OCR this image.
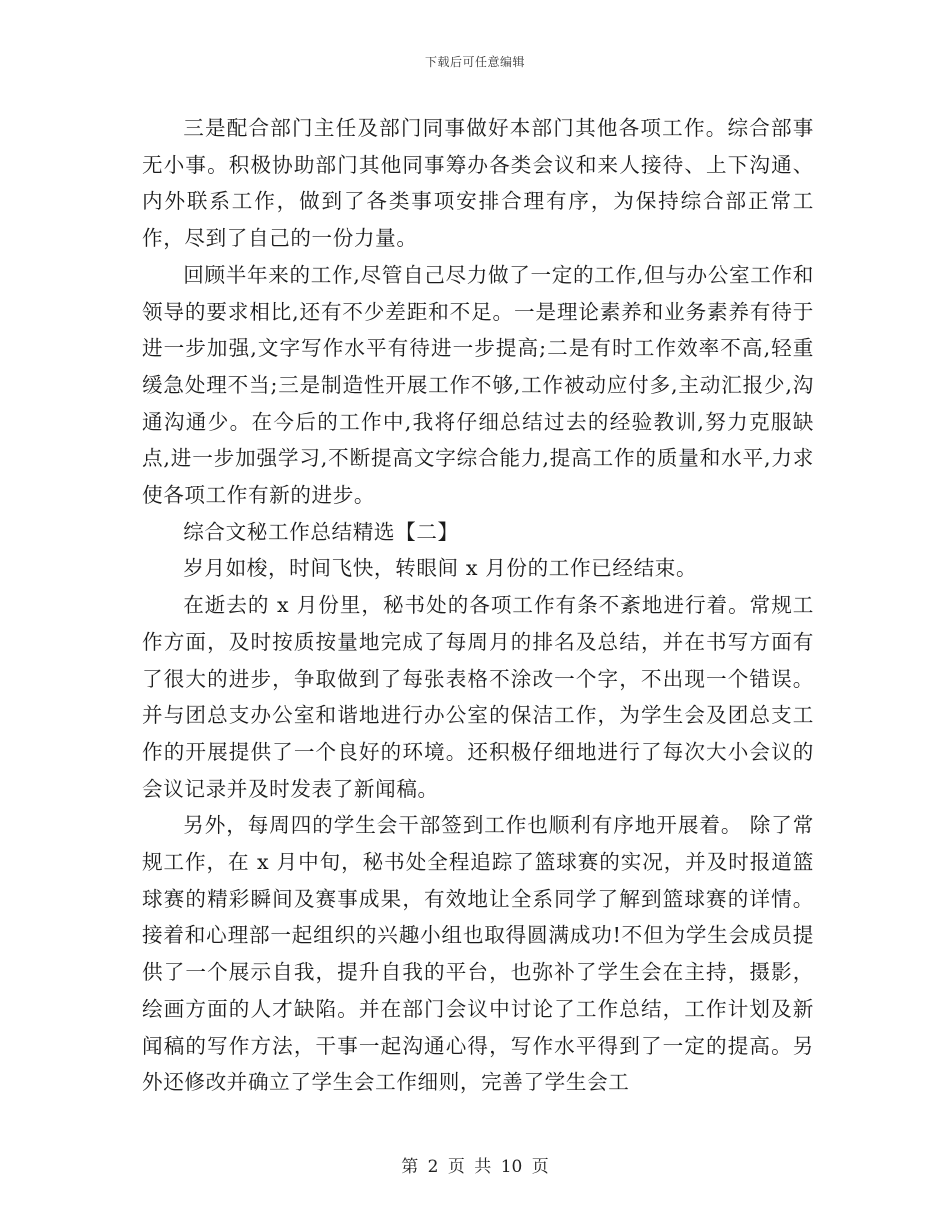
下载后可任意编辑

三是配合部门主任及部门同事做好本部门其他各项工作。综合部事无小事。积极协助部门其他同事筹办各类会议和来人接待、上下沟通、内外联系工作，做到了各类事项安排合理有序，为保持综合部正常工作，尽到了自己的一份力量。

回顾半年来的工作,尽管自己尽力做了一定的工作,但与办公室工作和领导的要求相比,还有不少差距和不足。一是理论素养和业务素养有待于进一步加强,文字写作水平有待进一步提高;二是有时工作效率不高,轻重缓急处理不当;三是制造性开展工作不够,工作被动应付多,主动汇报少,沟通沟通少。在今后的工作中,我将仔细总结过去的经验教训,努力克服缺点,进一步加强学习,不断提高文字综合能力,提高工作的质量和水平,力求使各项工作有新的进步。

综合文秘工作总结精选【二】

岁月如梭，时间飞快，转眼间 x 月份的工作已经结束。

在逝去的 x 月份里，秘书处的各项工作有条不紊地进行着。常规工作方面，及时按质按量地完成了每周月的排名及总结，并在书写方面有了很大的进步，争取做到了每张表格不涂改一个字，不出现一个错误。并与团总支办公室和谐地进行办公室的保洁工作，为学生会及团总支工作的开展提供了一个良好的环境。还积极仔细地进行了每次大小会议的会议记录并及时发表了新闻稿。

另外，每周四的学生会干部签到工作也顺利有序地开展着。 除了常规工作，在 x 月中旬，秘书处全程追踪了篮球赛的实况，并及时报道篮球赛的精彩瞬间及赛事成果，有效地让全系同学了解到篮球赛的详情。接着和心理部一起组织的兴趣小组也取得圆满成功!不但为学生会成员提供了一个展示自我，提升自我的平台，也弥补了学生会在主持，摄影，绘画方面的人才缺陷。并在部门会议中讨论了工作总结，工作计划及新闻稿的写作方法，干事一起沟通心得，写作水平得到了一定的提高。另外还修改并确立了学生会工作细则，完善了学生会工

第 2 页 共 10 页
